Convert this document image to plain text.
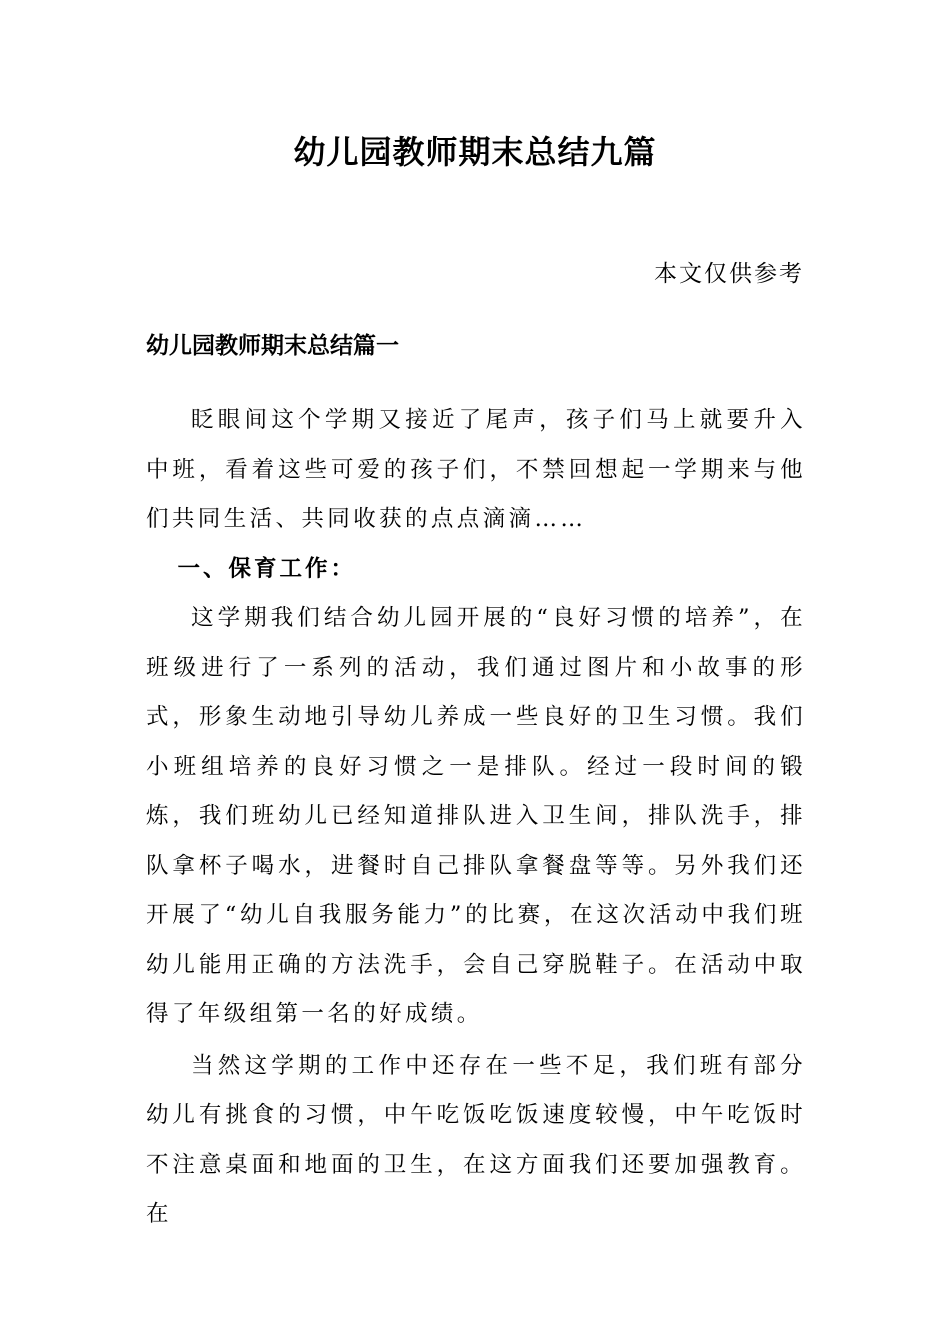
幼儿园教师期末总结九篇
本文仅供参考
幼儿园教师期末总结篇一

眨眼间这个学期又接近了尾声，孩子们马上就要升入中班，看着这些可爱的孩子们，不禁回想起一学期来与他们共同生活、共同收获的点点滴滴……

一、保育工作：

这学期我们结合幼儿园开展的“良好习惯的培养”，在班级进行了一系列的活动，我们通过图片和小故事的形式，形象生动地引导幼儿养成一些良好的卫生习惯。我们小班组培养的良好习惯之一是排队。经过一段时间的锻炼，我们班幼儿已经知道排队进入卫生间，排队洗手，排队拿杯子喝水，进餐时自己排队拿餐盘等等。另外我们还开展了“幼儿自我服务能力”的比赛，在这次活动中我们班幼儿能用正确的方法洗手，会自己穿脱鞋子。在活动中取得了年级组第一名的好成绩。

当然这学期的工作中还存在一些不足，我们班有部分幼儿有挑食的习惯，中午吃饭吃饭速度较慢，中午吃饭时不注意桌面和地面的卫生，在这方面我们还要加强教育。在
